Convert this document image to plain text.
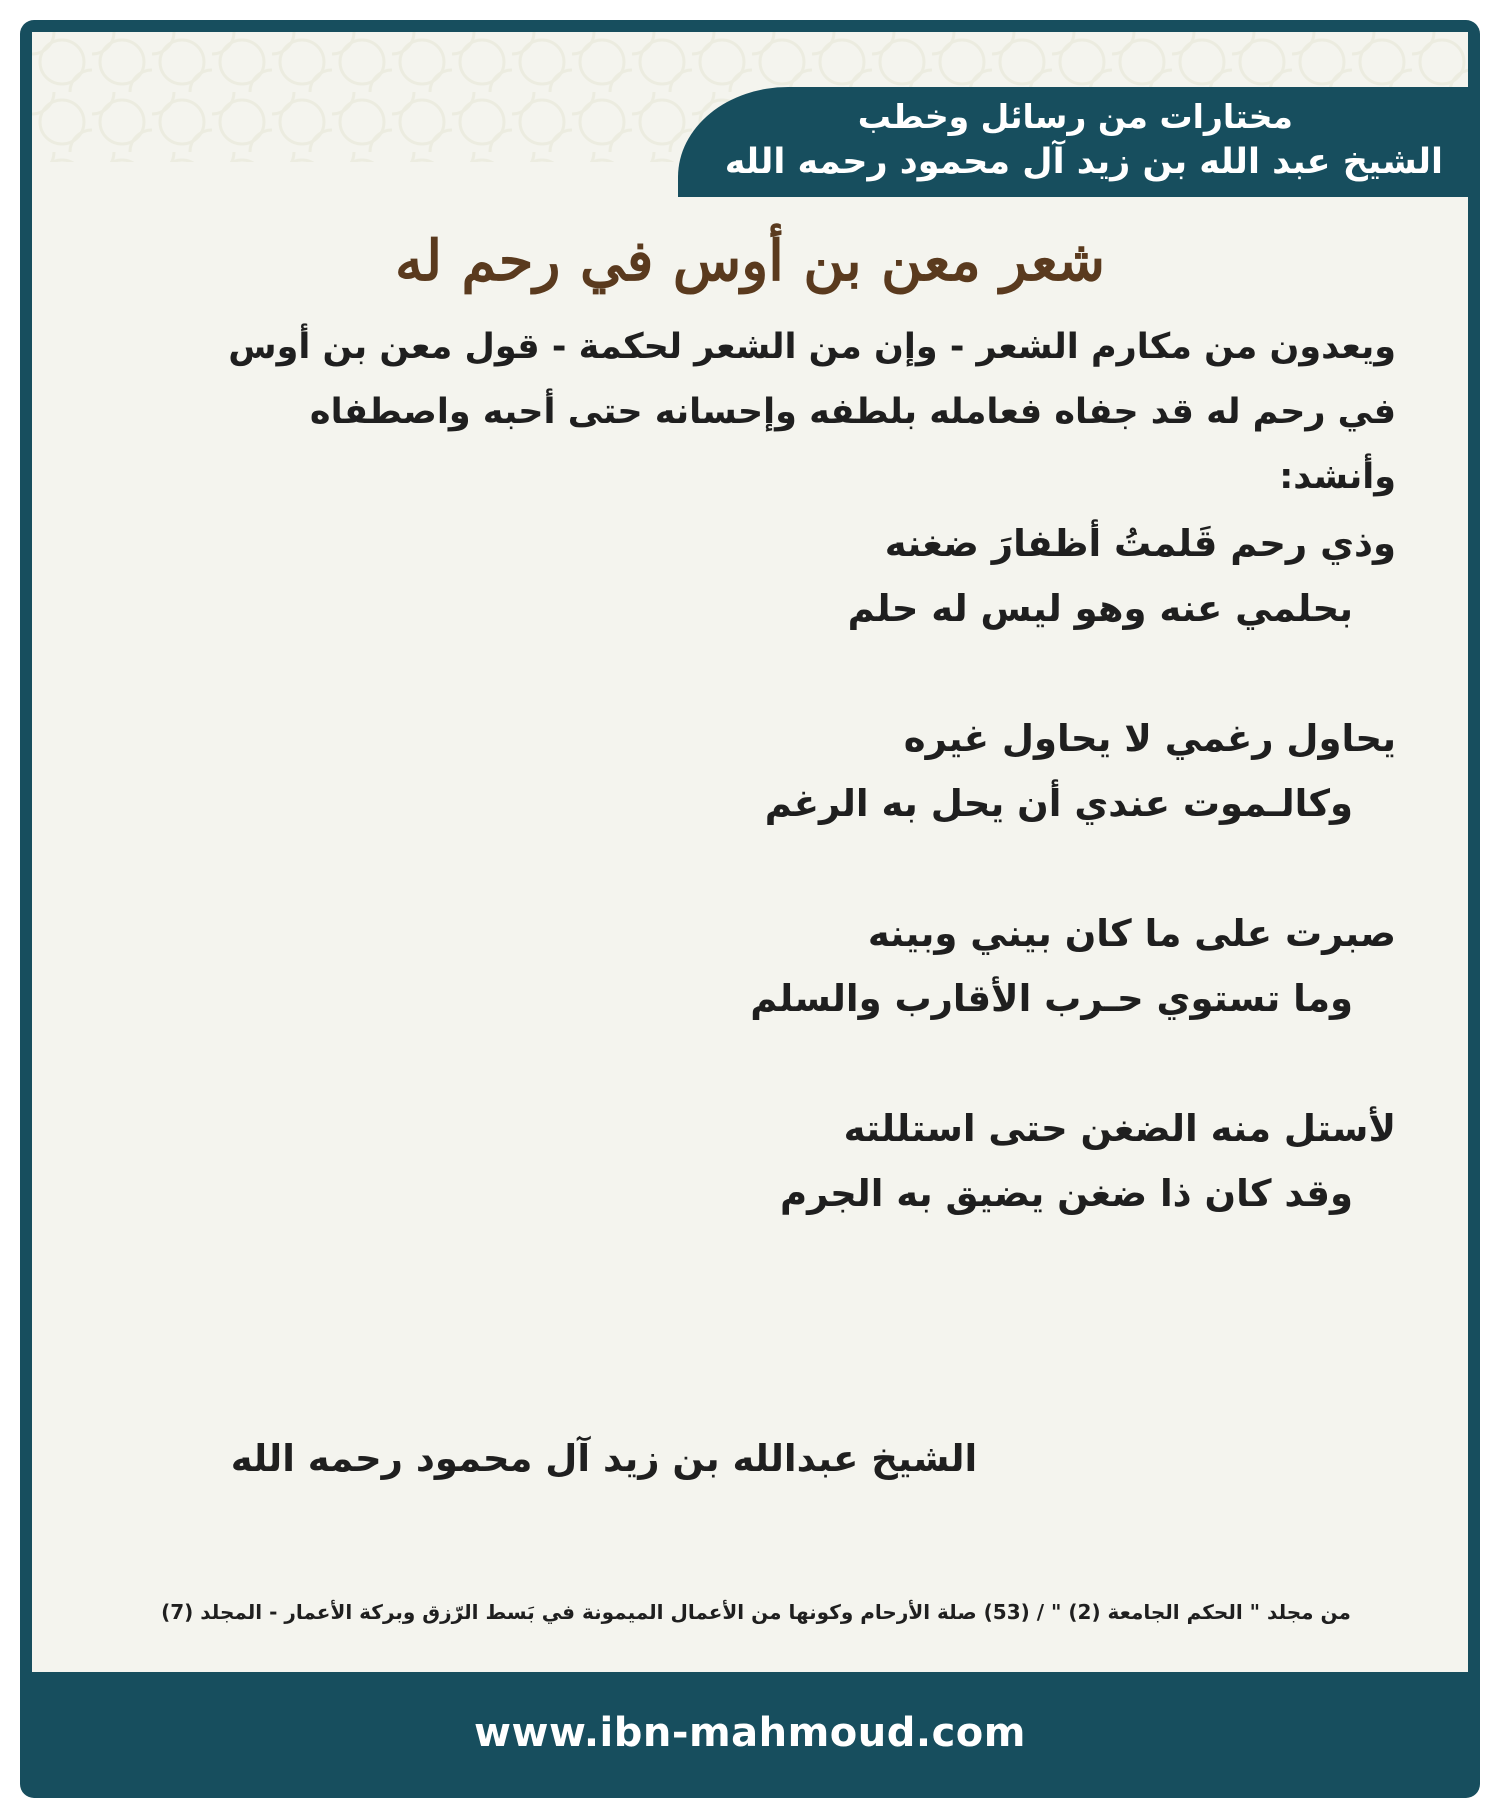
مختارات من رسائل وخطب
الشيخ عبد الله بن زيد آل محمود رحمه الله
شعر معن بن أوس في رحم له
ويعدون من مكارم الشعر - وإن من الشعر لحكمة - قول معن بن أوس
في رحم له قد جفاه فعامله بلطفه وإحسانه حتى أحبه واصطفاه
وأنشد:
وذي رحم قَلمتُ أظفارَ ضغنه
بحلمي عنه وهو ليس له حلم
يحاول رغمي لا يحاول غيره
وكالـموت عندي أن يحل به الرغم
صبرت على ما كان بيني وبينه
وما تستوي حـرب الأقارب والسلم
لأستل منه الضغن حتى استللته
وقد كان ذا ضغن يضيق به الجرم
الشيخ عبدالله بن زيد آل محمود رحمه الله
من مجلد " الحكم الجامعة (2) " / (53) صلة الأرحام وكونها من الأعمال الميمونة في بَسط الرّزق وبركة الأعمار - المجلد (7)
www.ibn-mahmoud.com
